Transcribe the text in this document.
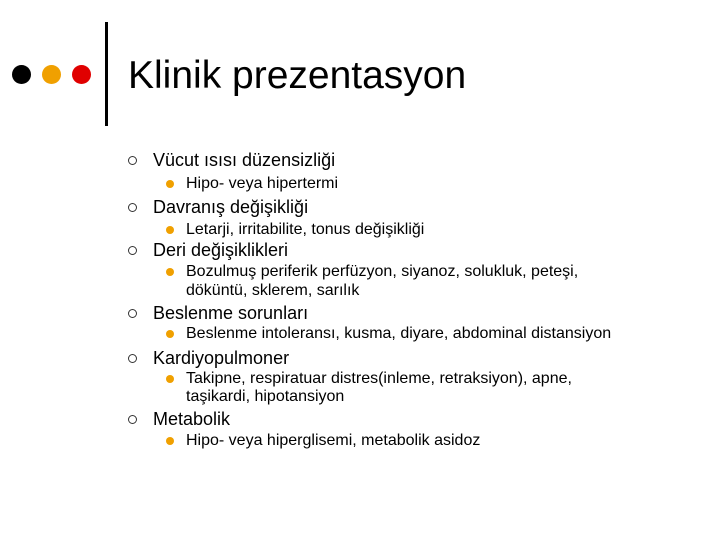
Klinik prezentasyon
Vücut ısısı düzensizliği
Hipo- veya hipertermi
Davranış değişikliği
Letarji, irritabilite, tonus değişikliği
Deri değişiklikleri
Bozulmuş periferik perfüzyon, siyanoz, solukluk, peteşi,
döküntü, sklerem, sarılık
Beslenme sorunları
Beslenme intoleransı, kusma, diyare, abdominal distansiyon
Kardiyopulmoner
Takipne, respiratuar distres(inleme, retraksiyon), apne,
taşikardi, hipotansiyon
Metabolik
Hipo- veya hiperglisemi, metabolik asidoz
